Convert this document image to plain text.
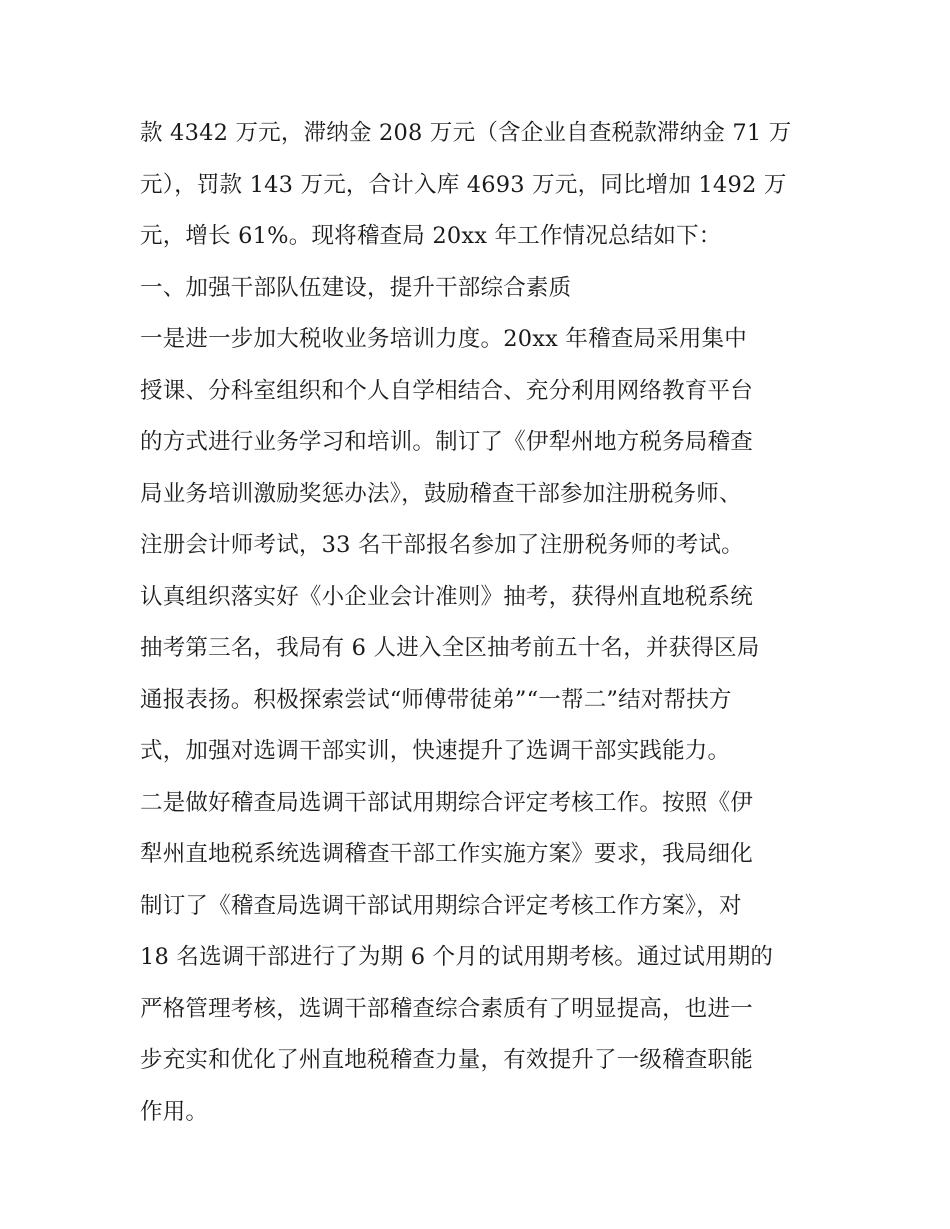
款 4342 万元，滞纳金 208 万元（含企业自查税款滞纳金 71 万
元），罚款 143 万元，合计入库 4693 万元，同比增加 1492 万
元，增长 61%。现将稽查局 20xx 年工作情况总结如下：
一、加强干部队伍建设，提升干部综合素质
一是进一步加大税收业务培训力度。20xx 年稽查局采用集中
授课、分科室组织和个人自学相结合、充分利用网络教育平台
的方式进行业务学习和培训。制订了《伊犁州地方税务局稽查
局业务培训激励奖惩办法》，鼓励稽查干部参加注册税务师、
注册会计师考试，33 名干部报名参加了注册税务师的考试。
认真组织落实好《小企业会计准则》抽考，获得州直地税系统
抽考第三名，我局有 6 人进入全区抽考前五十名，并获得区局
通报表扬。积极探索尝试“师傅带徒弟”“一帮二”结对帮扶方
式，加强对选调干部实训，快速提升了选调干部实践能力。
二是做好稽查局选调干部试用期综合评定考核工作。按照《伊
犁州直地税系统选调稽查干部工作实施方案》要求，我局细化
制订了《稽查局选调干部试用期综合评定考核工作方案》，对
18 名选调干部进行了为期 6 个月的试用期考核。通过试用期的
严格管理考核，选调干部稽查综合素质有了明显提高，也进一
步充实和优化了州直地税稽查力量，有效提升了一级稽查职能
作用。
